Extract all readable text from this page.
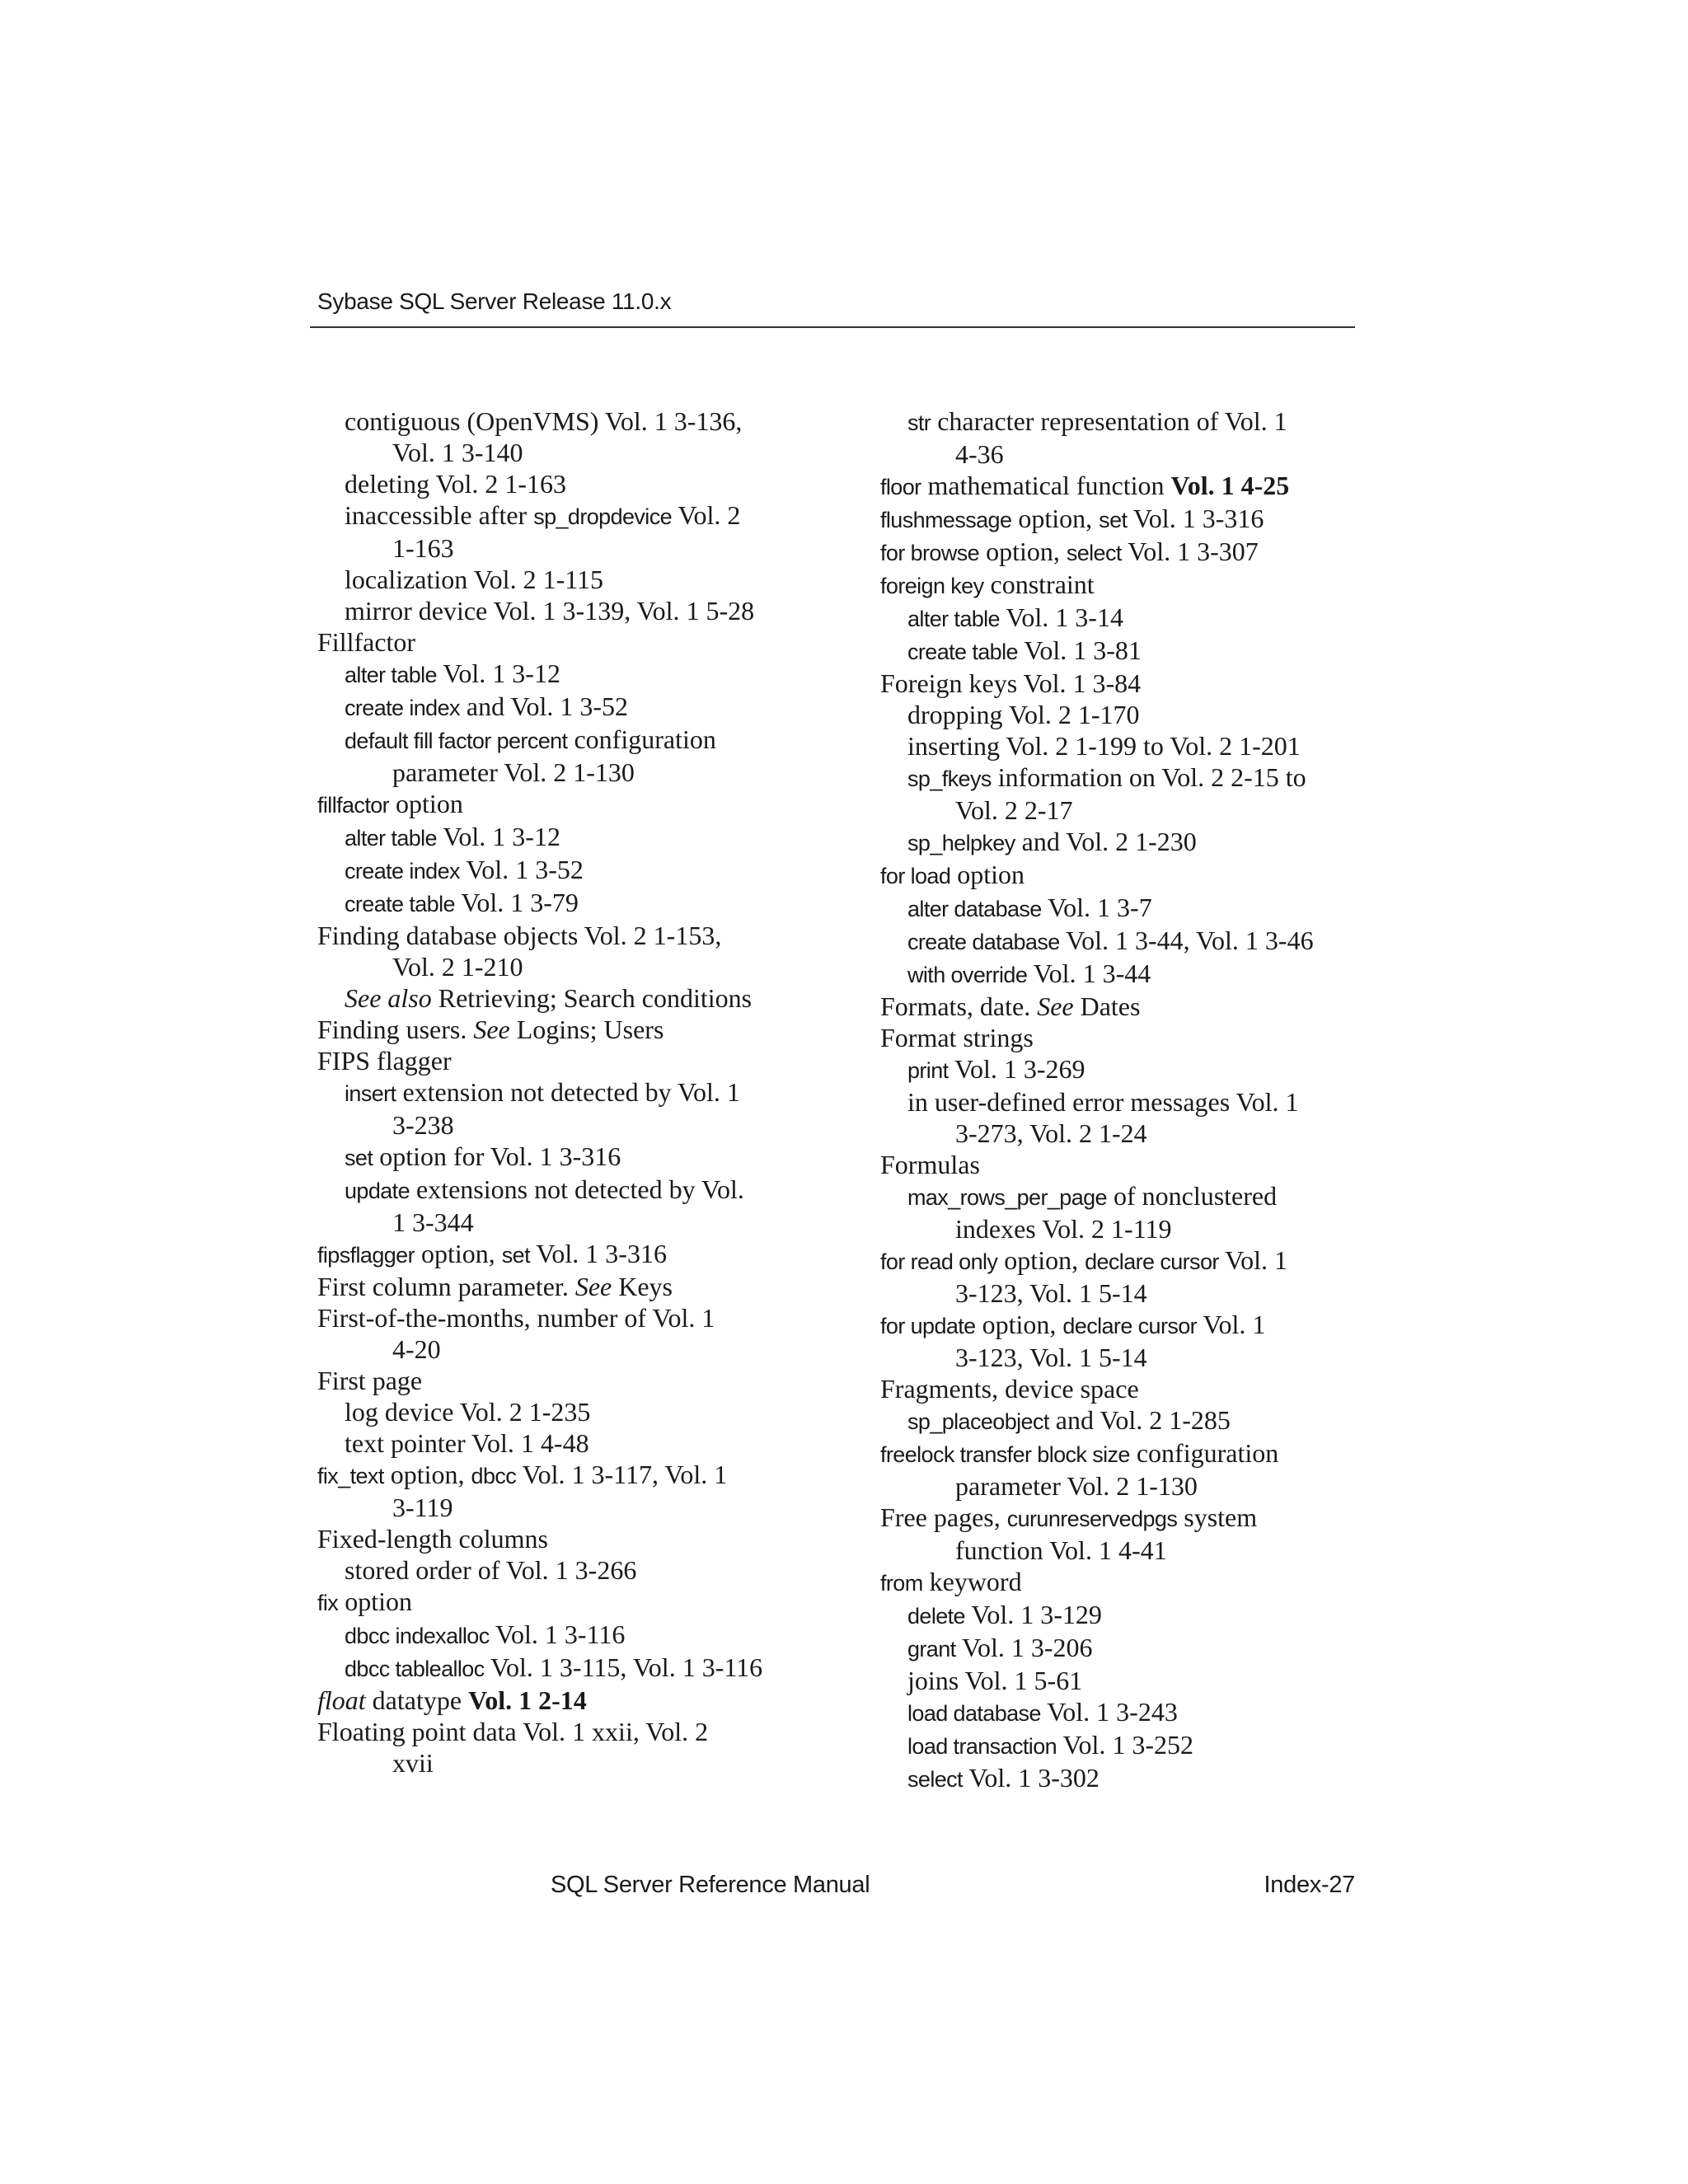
Sybase SQL Server Release 11.0.x
contiguous (OpenVMS) Vol. 1 3-136,
Vol. 1 3-140
deleting Vol. 2 1-163
inaccessible after sp_dropdevice Vol. 2
1-163
localization Vol. 2 1-115
mirror device Vol. 1 3-139, Vol. 1 5-28
Fillfactor
alter table Vol. 1 3-12
create index and Vol. 1 3-52
default fill factor percent configuration
parameter Vol. 2 1-130
fillfactor option
alter table Vol. 1 3-12
create index Vol. 1 3-52
create table Vol. 1 3-79
Finding database objects Vol. 2 1-153,
Vol. 2 1-210
See also Retrieving; Search conditions
Finding users. See Logins; Users
FIPS flagger
insert extension not detected by Vol. 1
3-238
set option for Vol. 1 3-316
update extensions not detected by Vol.
1 3-344
fipsflagger option, set Vol. 1 3-316
First column parameter. See Keys
First-of-the-months, number of Vol. 1
4-20
First page
log device Vol. 2 1-235
text pointer Vol. 1 4-48
fix_text option, dbcc Vol. 1 3-117, Vol. 1
3-119
Fixed-length columns
stored order of Vol. 1 3-266
fix option
dbcc indexalloc Vol. 1 3-116
dbcc tablealloc Vol. 1 3-115, Vol. 1 3-116
float datatype Vol. 1 2-14
Floating point data Vol. 1 xxii, Vol. 2
xvii
str character representation of Vol. 1
4-36
floor mathematical function Vol. 1 4-25
flushmessage option, set Vol. 1 3-316
for browse option, select Vol. 1 3-307
foreign key constraint
alter table Vol. 1 3-14
create table Vol. 1 3-81
Foreign keys Vol. 1 3-84
dropping Vol. 2 1-170
inserting Vol. 2 1-199 to Vol. 2 1-201
sp_fkeys information on Vol. 2 2-15 to
Vol. 2 2-17
sp_helpkey and Vol. 2 1-230
for load option
alter database Vol. 1 3-7
create database Vol. 1 3-44, Vol. 1 3-46
with override Vol. 1 3-44
Formats, date. See Dates
Format strings
print Vol. 1 3-269
in user-defined error messages Vol. 1
3-273, Vol. 2 1-24
Formulas
max_rows_per_page of nonclustered
indexes Vol. 2 1-119
for read only option, declare cursor Vol. 1
3-123, Vol. 1 5-14
for update option, declare cursor Vol. 1
3-123, Vol. 1 5-14
Fragments, device space
sp_placeobject and Vol. 2 1-285
freelock transfer block size configuration
parameter Vol. 2 1-130
Free pages, curunreservedpgs system
function Vol. 1 4-41
from keyword
delete Vol. 1 3-129
grant Vol. 1 3-206
joins Vol. 1 5-61
load database Vol. 1 3-243
load transaction Vol. 1 3-252
select Vol. 1 3-302
SQL Server Reference Manual	Index-27
